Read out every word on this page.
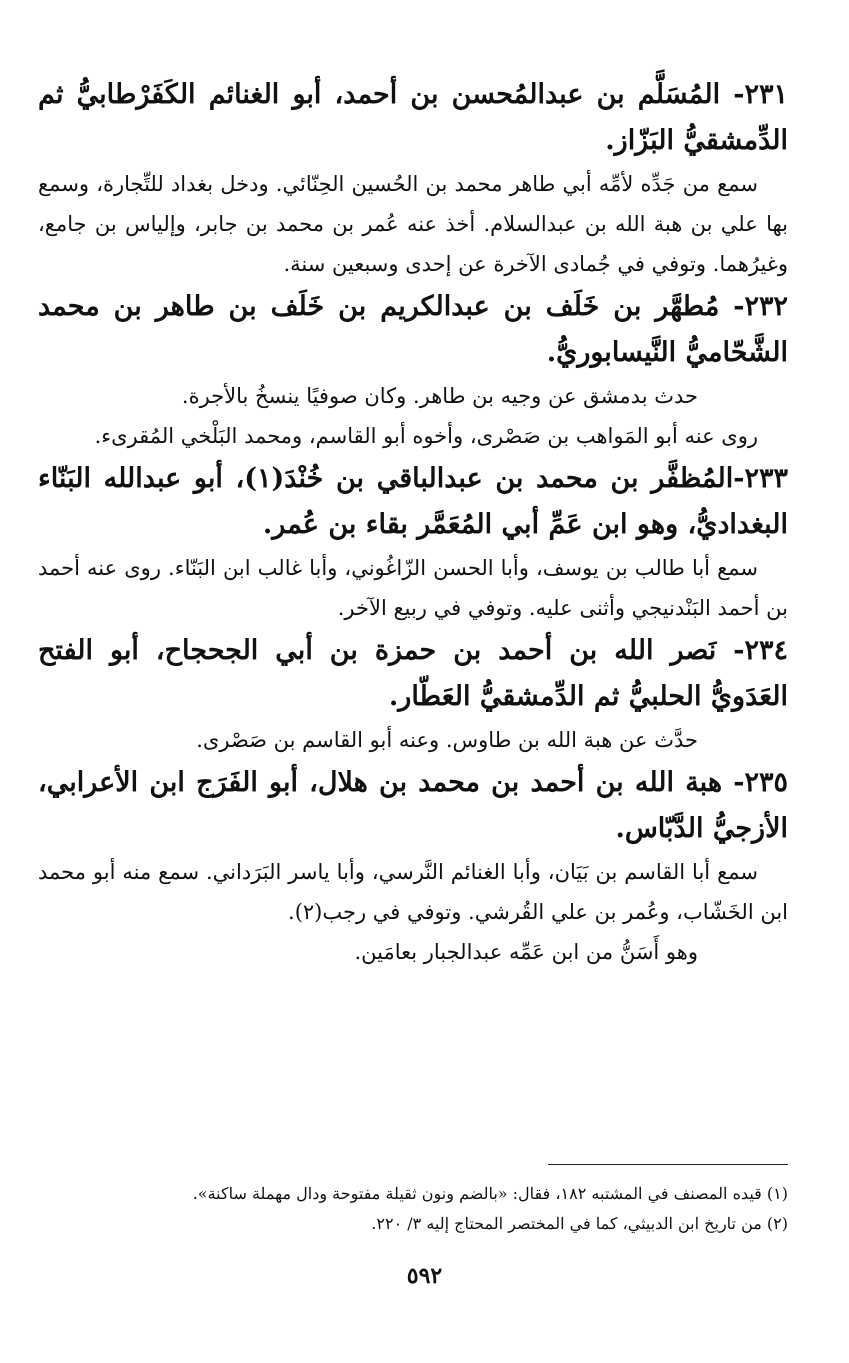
٢٣١- المُسَلَّم بن عبدالمُحسن بن أحمد، أبو الغنائم الكَفَرْطابيُّ ثم الدِّمشقيُّ البَزّاز.

سمع من جَدِّه لأمِّه أبي طاهر محمد بن الحُسين الحِنّائي. ودخل بغداد للتِّجارة، وسمع بها علي بن هبة الله بن عبدالسلام. أخذ عنه عُمر بن محمد بن جابر، وإلياس بن جامع، وغيرُهما. وتوفي في جُمادى الآخرة عن إحدى وسبعين سنة.

٢٣٢- مُطهَّر بن خَلَف بن عبدالكريم بن خَلَف بن طاهر بن محمد الشَّحّاميُّ النَّيسابوريُّ.

حدث بدمشق عن وجيه بن طاهر. وكان صوفيًا ينسخُ بالأجرة.

روى عنه أبو المَواهب بن صَصْرى، وأخوه أبو القاسم، ومحمد البَلْخي المُقرىء.

٢٣٣-المُظفَّر بن محمد بن عبدالباقي بن خُنْدَ(١)، أبو عبدالله البَنّاء البغداديُّ، وهو ابن عَمِّ أبي المُعَمَّر بقاء بن عُمر.

سمع أبا طالب بن يوسف، وأبا الحسن الزّاغُوني، وأبا غالب ابن البَنّاء. روى عنه أحمد بن أحمد البَنْدنيجي وأثنى عليه. وتوفي في ربيع الآخر.

٢٣٤- نَصر الله بن أحمد بن حمزة بن أبي الجحجاح، أبو الفتح العَدَويُّ الحلبيُّ ثم الدِّمشقيُّ العَطّار.

حدَّث عن هبة الله بن طاوس. وعنه أبو القاسم بن صَصْرى.

٢٣٥- هبة الله بن أحمد بن محمد بن هلال، أبو الفَرَج ابن الأعرابي، الأزجيُّ الدَّبّاس.

سمع أبا القاسم بن بَيَان، وأبا الغنائم النَّرسي، وأبا ياسر البَرَداني. سمع منه أبو محمد ابن الخَشّاب، وعُمر بن علي القُرشي. وتوفي في رجب(٢).

وهو أَسَنُّ من ابن عَمِّه عبدالجبار بعامَين.

(١) قيده المصنف في المشتبه ١٨٢، فقال: «بالضم ونون ثقيلة مفتوحة ودال مهملة ساكنة».

(٢) من تاريخ ابن الدبيثي، كما في المختصر المحتاج إليه ٣/ ٢٢٠.

٥٩٢
